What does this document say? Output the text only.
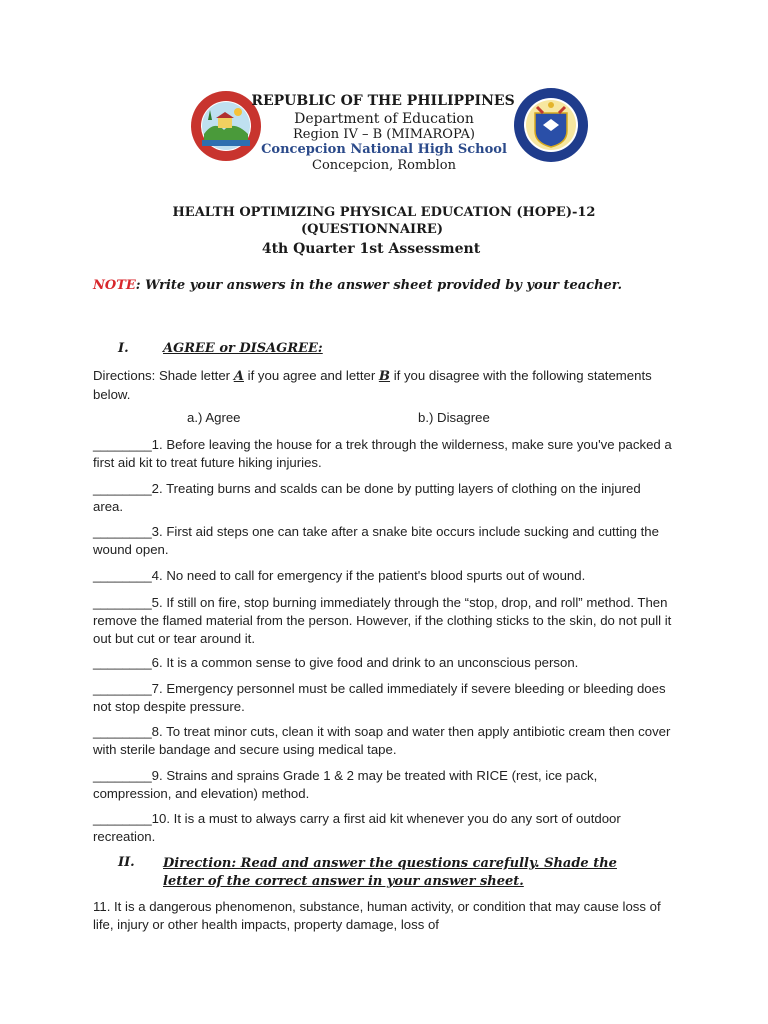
REPUBLIC OF THE PHILIPPINES
Department of Education
Region IV – B (MIMAROPA)
Concepcion National High School
Concepcion, Romblon
HEALTH OPTIMIZING PHYSICAL EDUCATION (HOPE)-12
(QUESTIONNAIRE)
4th Quarter 1st Assessment
NOTE: Write your answers in the answer sheet provided by your teacher.
I.	AGREE or DISAGREE:
Directions: Shade letter A if you agree and letter B if you disagree with the following statements below.
a.) Agree	b.) Disagree
________1. Before leaving the house for a trek through the wilderness, make sure you've packed a first aid kit to treat future hiking injuries.
________2. Treating burns and scalds can be done by putting layers of clothing on the injured area.
________3. First aid steps one can take after a snake bite occurs include sucking and cutting the wound open.
________4. No need to call for emergency if the patient's blood spurts out of wound.
________5. If still on fire, stop burning immediately through the “stop, drop, and roll” method. Then remove the flamed material from the person. However, if the clothing sticks to the skin, do not pull it out but cut or tear around it.
________6. It is a common sense to give food and drink to an unconscious person.
________7. Emergency personnel must be called immediately if severe bleeding or bleeding does not stop despite pressure.
________8. To treat minor cuts, clean it with soap and water then apply antibiotic cream then cover with sterile bandage and secure using medical tape.
________9. Strains and sprains Grade 1 & 2 may be treated with RICE (rest, ice pack, compression, and elevation) method.
________10. It is a must to always carry a first aid kit whenever you do any sort of outdoor recreation.
II. Direction: Read and answer the questions carefully. Shade the letter of the correct answer in your answer sheet.
11. It is a dangerous phenomenon, substance, human activity, or condition that may cause loss of life, injury or other health impacts, property damage, loss of
